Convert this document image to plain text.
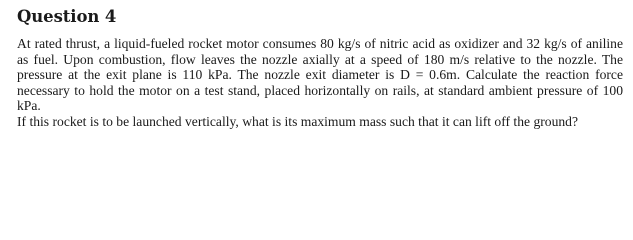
Question 4

At rated thrust, a liquid-fueled rocket motor consumes 80 kg/s of nitric acid as oxidizer and 32 kg/s of aniline as fuel. Upon combustion, flow leaves the nozzle axially at a speed of 180 m/s relative to the nozzle. The pressure at the exit plane is 110 kPa. The nozzle exit diameter is D = 0.6m. Calculate the reaction force necessary to hold the motor on a test stand, placed horizontally on rails, at standard ambient pressure of 100 kPa.

If this rocket is to be launched vertically, what is its maximum mass such that it can lift off the ground?
